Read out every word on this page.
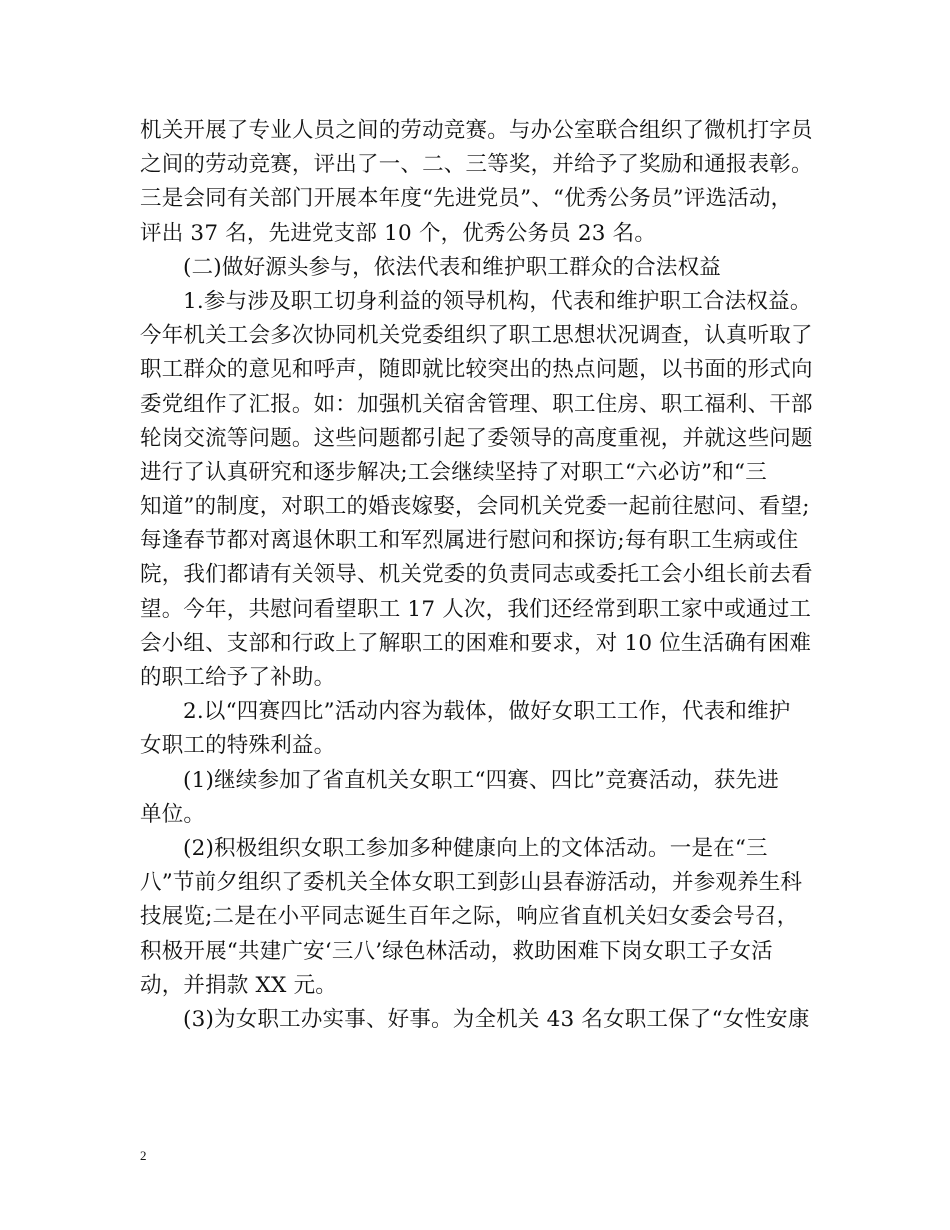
机关开展了专业人员之间的劳动竞赛。与办公室联合组织了微机打字员
之间的劳动竞赛，评出了一、二、三等奖，并给予了奖励和通报表彰。
三是会同有关部门开展本年度“先进党员”、“优秀公务员”评选活动，
评出 37 名，先进党支部 10 个，优秀公务员 23 名。
(二)做好源头参与，依法代表和维护职工群众的合法权益
1.参与涉及职工切身利益的领导机构，代表和维护职工合法权益。
今年机关工会多次协同机关党委组织了职工思想状况调查，认真听取了
职工群众的意见和呼声，随即就比较突出的热点问题，以书面的形式向
委党组作了汇报。如：加强机关宿舍管理、职工住房、职工福利、干部
轮岗交流等问题。这些问题都引起了委领导的高度重视，并就这些问题
进行了认真研究和逐步解决;工会继续坚持了对职工“六必访”和“三
知道”的制度，对职工的婚丧嫁娶，会同机关党委一起前往慰问、看望;
每逢春节都对离退休职工和军烈属进行慰问和探访;每有职工生病或住
院，我们都请有关领导、机关党委的负责同志或委托工会小组长前去看
望。今年，共慰问看望职工 17 人次，我们还经常到职工家中或通过工
会小组、支部和行政上了解职工的困难和要求，对 10 位生活确有困难
的职工给予了补助。
2.以“四赛四比”活动内容为载体，做好女职工工作，代表和维护
女职工的特殊利益。
(1)继续参加了省直机关女职工“四赛、四比”竞赛活动，获先进
单位。
(2)积极组织女职工参加多种健康向上的文体活动。一是在“三
八”节前夕组织了委机关全体女职工到彭山县春游活动，并参观养生科
技展览;二是在小平同志诞生百年之际，响应省直机关妇女委会号召，
积极开展“共建广安‘三八’绿色林活动，救助困难下岗女职工子女活
动，并捐款 XX 元。
(3)为女职工办实事、好事。为全机关 43 名女职工保了“女性安康
2
